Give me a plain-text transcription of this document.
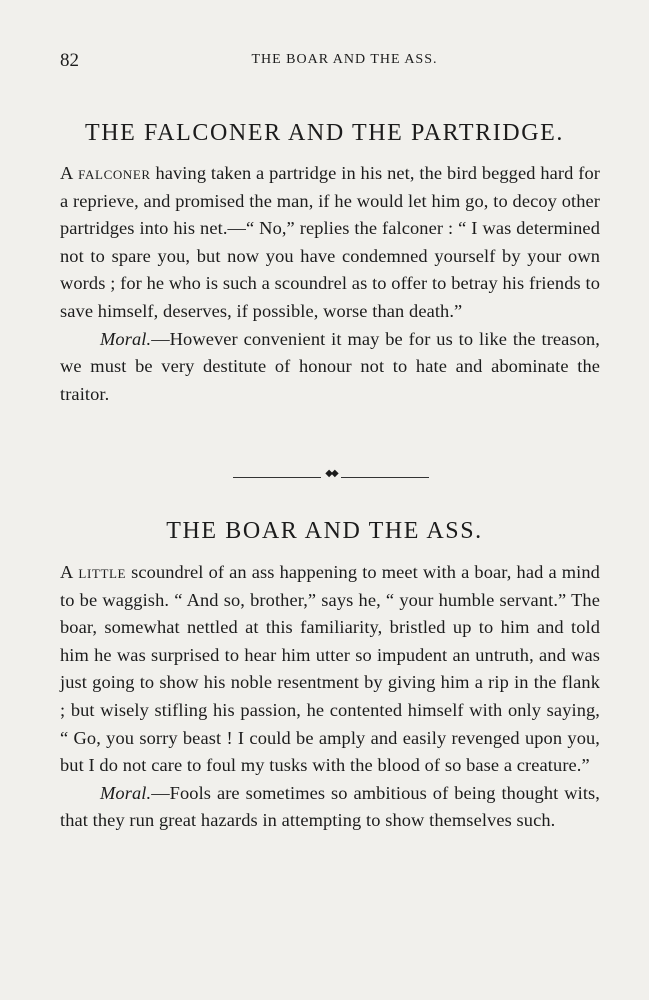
82	THE BOAR AND THE ASS.
THE FALCONER AND THE PARTRIDGE.

A falconer having taken a partridge in his net, the bird begged hard for a reprieve, and promised the man, if he would let him go, to decoy other partridges into his net.—“ No,” replies the falconer : “ I was determined not to spare you, but now you have condemned yourself by your own words ; for he who is such a scoundrel as to offer to betray his friends to save himself, deserves, if possible, worse than death.”

Moral.—However convenient it may be for us to like the treason, we must be very destitute of honour not to hate and abominate the traitor.

◆◆
THE BOAR AND THE ASS.

A little scoundrel of an ass happening to meet with a boar, had a mind to be waggish. “ And so, brother,” says he, “ your humble servant.” The boar, somewhat nettled at this familiarity, bristled up to him and told him he was surprised to hear him utter so impudent an untruth, and was just going to show his noble resentment by giving him a rip in the flank ; but wisely stifling his passion, he contented himself with only saying, “ Go, you sorry beast ! I could be amply and easily revenged upon you, but I do not care to foul my tusks with the blood of so base a creature.”

Moral.—Fools are sometimes so ambitious of being thought wits, that they run great hazards in attempting to show themselves such.
